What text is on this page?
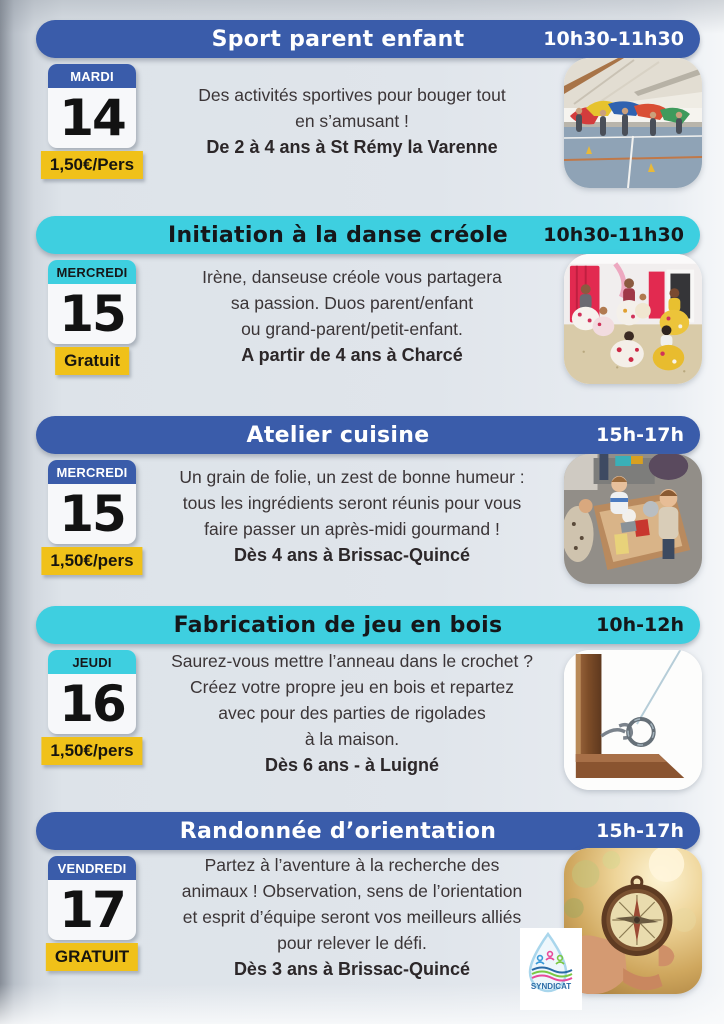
Sport parent enfant	10h30-11h30
MARDI
14
1,50€/Pers
Des activités sportives pour bouger tout
en s’amusant !
De 2 à 4 ans à St Rémy la Varenne
Initiation à la danse créole	10h30-11h30
MERCREDI
15
Gratuit
Irène, danseuse créole vous partagera
sa passion. Duos parent/enfant
ou grand-parent/petit-enfant.
A partir de 4 ans à Charcé
Atelier cuisine	15h-17h
MERCREDI
15
1,50€/pers
Un grain de folie, un zest de bonne humeur :
tous les ingrédients seront réunis pour vous
faire passer un après-midi gourmand !
Dès 4 ans à Brissac-Quincé
Fabrication de jeu en bois	10h-12h
JEUDI
16
1,50€/pers
Saurez-vous mettre l’anneau dans le crochet ?
Créez votre propre jeu en bois et repartez
avec pour des parties de rigolades
à la maison.
Dès 6 ans - à Luigné
Randonnée d’orientation	15h-17h
VENDREDI
17
GRATUIT
Partez à l’aventure à la recherche des
animaux ! Observation, sens de l’orientation
et esprit d’équipe seront vos meilleurs alliés
pour relever le défi.
Dès 3 ans à Brissac-Quincé
SYNDICAT
